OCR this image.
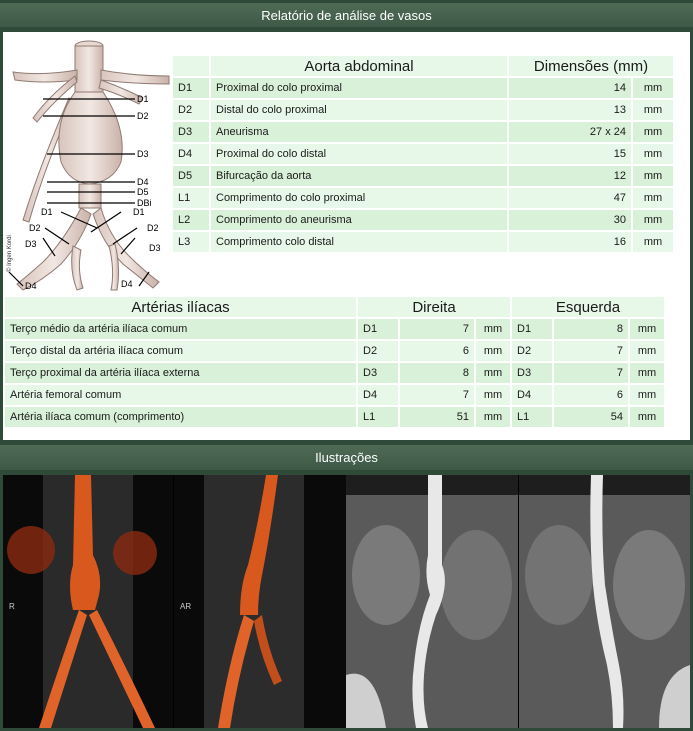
Relatório de análise de vasos
D1
D2
D3
D4
D5
DBi
D1	D1
D2	D2
D3	D3
D4	D4
© Ingen Kordi
	Aorta abdominal	Dimensões (mm)	
D1	Proximal do colo proximal	14	mm
D2	Distal do colo proximal	13	mm
D3	Aneurisma	27 x 24	mm
D4	Proximal do colo distal	15	mm
D5	Bifurcação da aorta	12	mm
L1	Comprimento do colo proximal	47	mm
L2	Comprimento do aneurisma	30	mm
L3	Comprimento colo distal	16	mm
Artérias ilíacas	Direita			Esquerda		
Terço médio da artéria ilíaca comum	D1	7	mm	D1	8	mm
Terço distal da artéria ilíaca comum	D2	6	mm	D2	7	mm
Terço proximal da artéria ilíaca externa	D3	8	mm	D3	7	mm
Artéria femoral comum	D4	7	mm	D4	6	mm
Artéria ilíaca comum (comprimento)	L1	51	mm	L1	54	mm
Ilustrações
R	AR
